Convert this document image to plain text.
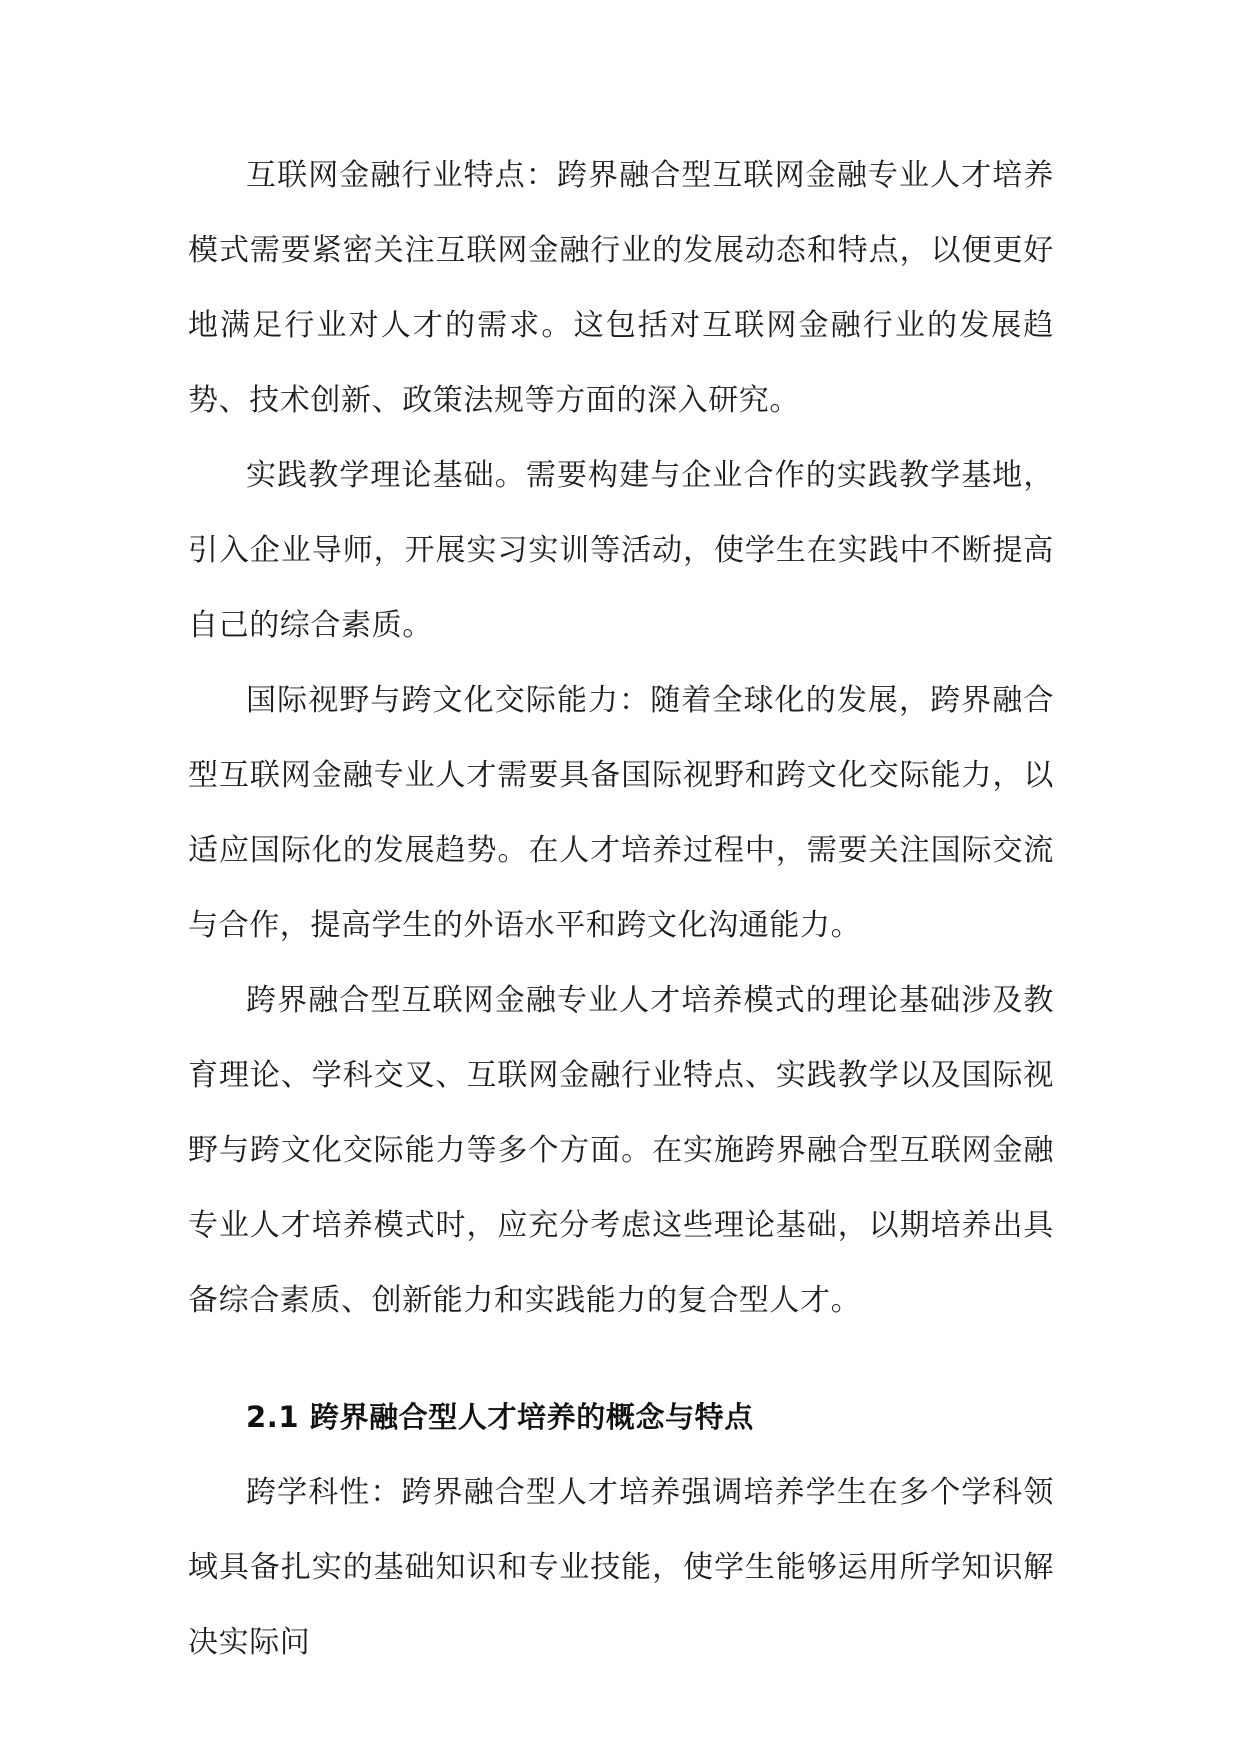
互联网金融行业特点：跨界融合型互联网金融专业人才培养模式需要紧密关注互联网金融行业的发展动态和特点，以便更好地满足行业对人才的需求。这包括对互联网金融行业的发展趋势、技术创新、政策法规等方面的深入研究。

实践教学理论基础。需要构建与企业合作的实践教学基地，引入企业导师，开展实习实训等活动，使学生在实践中不断提高自己的综合素质。

国际视野与跨文化交际能力：随着全球化的发展，跨界融合型互联网金融专业人才需要具备国际视野和跨文化交际能力，以适应国际化的发展趋势。在人才培养过程中，需要关注国际交流与合作，提高学生的外语水平和跨文化沟通能力。

跨界融合型互联网金融专业人才培养模式的理论基础涉及教育理论、学科交叉、互联网金融行业特点、实践教学以及国际视野与跨文化交际能力等多个方面。在实施跨界融合型互联网金融专业人才培养模式时，应充分考虑这些理论基础，以期培养出具备综合素质、创新能力和实践能力的复合型人才。

2.1 跨界融合型人才培养的概念与特点

跨学科性：跨界融合型人才培养强调培养学生在多个学科领域具备扎实的基础知识和专业技能，使学生能够运用所学知识解决实际问
